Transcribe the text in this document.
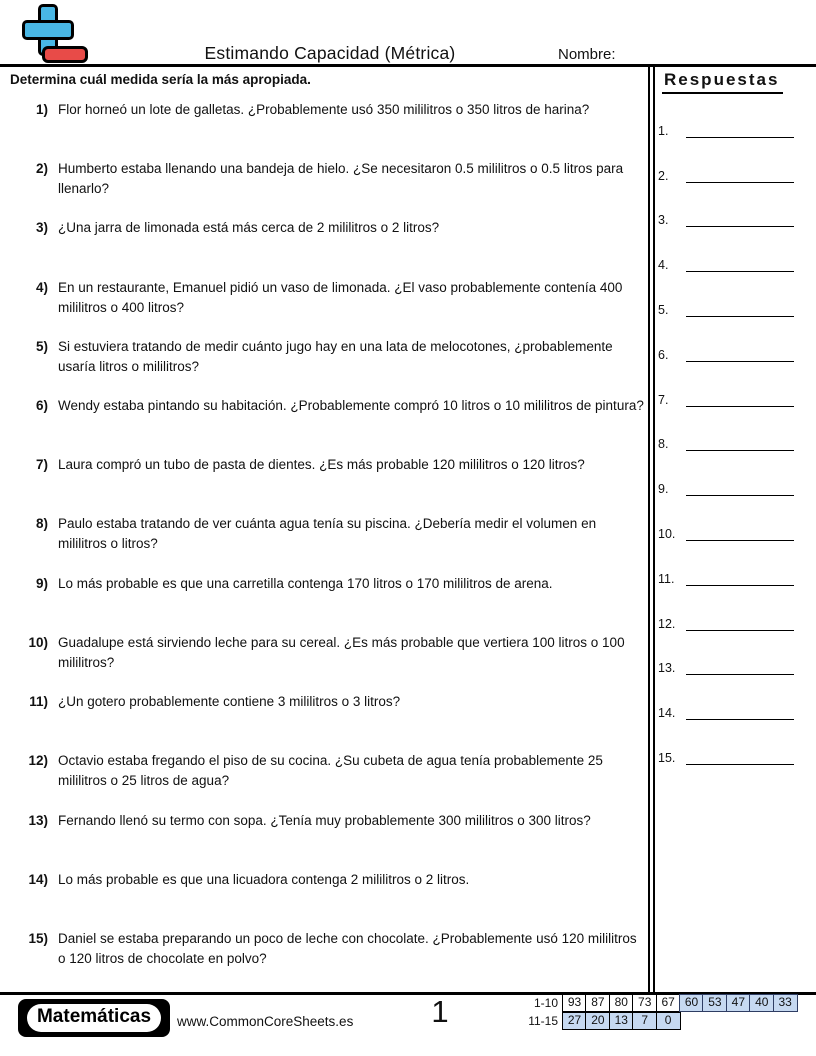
Estimando Capacidad (Métrica)	Nombre:
Determina cuál medida sería la más apropiada.
1) Flor horneó un lote de galletas. ¿Probablemente usó 350 mililitros o 350 litros de harina?
2) Humberto estaba llenando una bandeja de hielo. ¿Se necesitaron 0.5 mililitros o 0.5 litros para llenarlo?
3) ¿Una jarra de limonada está más cerca de 2 mililitros o 2 litros?
4) En un restaurante, Emanuel pidió un vaso de limonada. ¿El vaso probablemente contenía 400 mililitros o 400 litros?
5) Si estuviera tratando de medir cuánto jugo hay en una lata de melocotones, ¿probablemente usaría litros o mililitros?
6) Wendy estaba pintando su habitación. ¿Probablemente compró 10 litros o 10 mililitros de pintura?
7) Laura compró un tubo de pasta de dientes. ¿Es más probable 120 mililitros o 120 litros?
8) Paulo estaba tratando de ver cuánta agua tenía su piscina. ¿Debería medir el volumen en mililitros o litros?
9) Lo más probable es que una carretilla contenga 170 litros o 170 mililitros de arena.
10) Guadalupe está sirviendo leche para su cereal. ¿Es más probable que vertiera 100 litros o 100 mililitros?
11) ¿Un gotero probablemente contiene 3 mililitros o 3 litros?
12) Octavio estaba fregando el piso de su cocina. ¿Su cubeta de agua tenía probablemente 25 mililitros o 25 litros de agua?
13) Fernando llenó su termo con sopa. ¿Tenía muy probablemente 300 mililitros o 300 litros?
14) Lo más probable es que una licuadora contenga 2 mililitros o 2 litros.
15) Daniel se estaba preparando un poco de leche con chocolate. ¿Probablemente usó 120 mililitros o 120 litros de chocolate en polvo?
Respuestas
1.
2.
3.
4.
5.
6.
7.
8.
9.
10.
11.
12.
13.
14.
15.
Matemáticas	www.CommonCoreSheets.es	1	1-10 93 87 80 73 67 60 53 47 40 33
11-15 27 20 13	7	0
